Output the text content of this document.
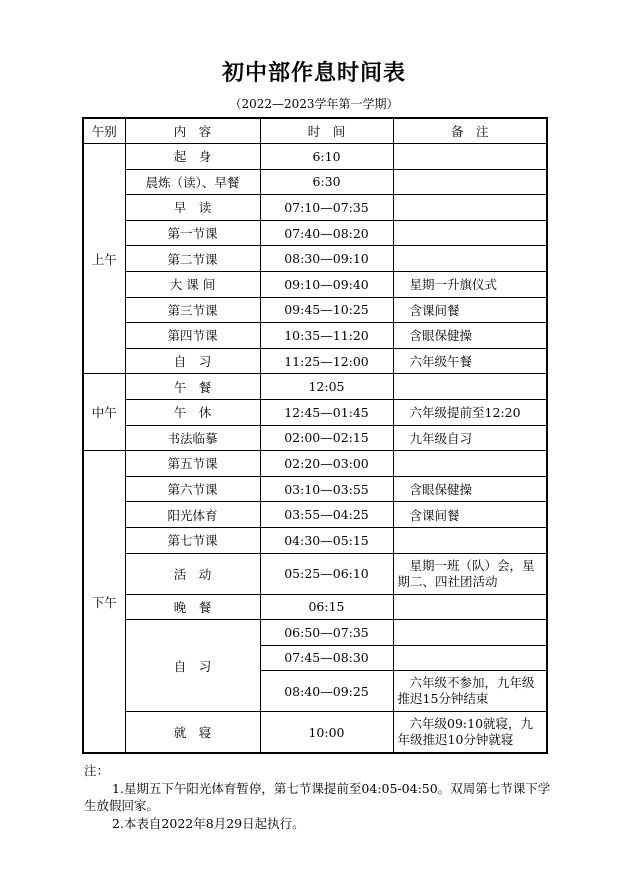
初中部作息时间表
（2022—2023学年第一学期）
午别	内　容	时　间	备　注
上午	起　身	6:10	
	晨炼（读）、早餐	6:30	
	早　读	07:10—07:35	
	第一节课	07:40—08:20	
	第二节课	08:30—09:10	
	大 课 间	09:10—09:40	星期一升旗仪式
	第三节课	09:45—10:25	含课间餐
	第四节课	10:35—11:20	含眼保健操
	自　习	11:25—12:00	六年级午餐
中午	午　餐	12:05	
	午　休	12:45—01:45	六年级提前至12:20
	书法临摹	02:00—02:15	九年级自习
下午	第五节课	02:20—03:00	
	第六节课	03:10—03:55	含眼保健操
	阳光体育	03:55—04:25	含课间餐
	第七节课	04:30—05:15	
	活　动	05:25—06:10	星期一班（队）会，星期二、四社团活动
	晚　餐	06:15	
	自　习	06:50—07:35	
		07:45—08:30	
		08:40—09:25	六年级不参加，九年级推迟15分钟结束
	就　寝	10:00	六年级09:10就寝，九年级推迟10分钟就寝

注：

1.星期五下午阳光体育暂停，第七节课提前至04:05-04:50。双周第七节课下学生放假回家。

2.本表自2022年8月29日起执行。
